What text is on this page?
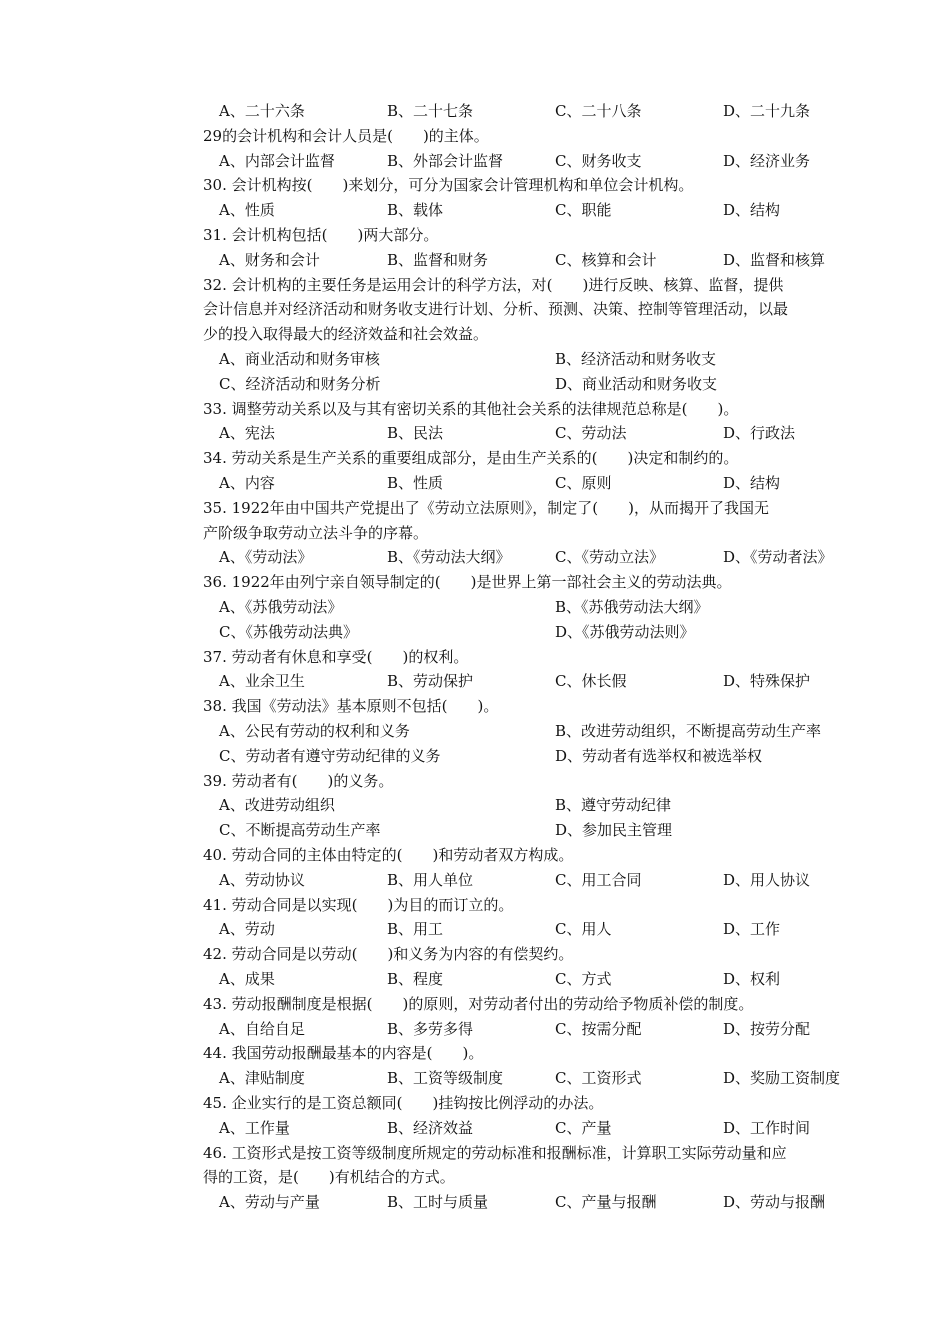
A、二十六条	B、二十七条	C、二十八条	D、二十九条
29的会计机构和会计人员是(　　)的主体。
A、内部会计监督	B、外部会计监督	C、财务收支	D、经济业务
30. 会计机构按(　　)来划分，可分为国家会计管理机构和单位会计机构。
A、性质	B、载体	C、职能	D、结构
31. 会计机构包括(　　)两大部分。
A、财务和会计	B、监督和财务	C、核算和会计	D、监督和核算
32. 会计机构的主要任务是运用会计的科学方法，对(　　)进行反映、核算、监督，提供
会计信息并对经济活动和财务收支进行计划、分析、预测、决策、控制等管理活动，以最
少的投入取得最大的经济效益和社会效益。
A、商业活动和财务审核	B、经济活动和财务收支
C、经济活动和财务分析	D、商业活动和财务收支
33. 调整劳动关系以及与其有密切关系的其他社会关系的法律规范总称是(　　)。
A、宪法	B、民法	C、劳动法	D、行政法
34. 劳动关系是生产关系的重要组成部分，是由生产关系的(　　)决定和制约的。
A、内容	B、性质	C、原则	D、结构
35. 1922年由中国共产党提出了《劳动立法原则》，制定了(　　)，从而揭开了我国无
产阶级争取劳动立法斗争的序幕。
A、《劳动法》	B、《劳动法大纲》	C、《劳动立法》	D、《劳动者法》
36. 1922年由列宁亲自领导制定的(　　)是世界上第一部社会主义的劳动法典。
A、《苏俄劳动法》	B、《苏俄劳动法大纲》
C、《苏俄劳动法典》	D、《苏俄劳动法则》
37. 劳动者有休息和享受(　　)的权利。
A、业余卫生	B、劳动保护	C、休长假	D、特殊保护
38. 我国《劳动法》基本原则不包括(　　)。
A、公民有劳动的权利和义务	B、改进劳动组织，不断提高劳动生产率
C、劳动者有遵守劳动纪律的义务	D、劳动者有选举权和被选举权
39. 劳动者有(　　)的义务。
A、改进劳动组织	B、遵守劳动纪律
C、不断提高劳动生产率	D、参加民主管理
40. 劳动合同的主体由特定的(　　)和劳动者双方构成。
A、劳动协议	B、用人单位	C、用工合同	D、用人协议
41. 劳动合同是以实现(　　)为目的而订立的。
A、劳动	B、用工	C、用人	D、工作
42. 劳动合同是以劳动(　　)和义务为内容的有偿契约。
A、成果	B、程度	C、方式	D、权利
43. 劳动报酬制度是根据(　　)的原则，对劳动者付出的劳动给予物质补偿的制度。
A、自给自足	B、多劳多得	C、按需分配	D、按劳分配
44. 我国劳动报酬最基本的内容是(　　)。
A、津贴制度	B、工资等级制度	C、工资形式	D、奖励工资制度
45. 企业实行的是工资总额同(　　)挂钩按比例浮动的办法。
A、工作量	B、经济效益	C、产量	D、工作时间
46. 工资形式是按工资等级制度所规定的劳动标准和报酬标准，计算职工实际劳动量和应
得的工资，是(　　)有机结合的方式。
A、劳动与产量	B、工时与质量	C、产量与报酬	D、劳动与报酬
